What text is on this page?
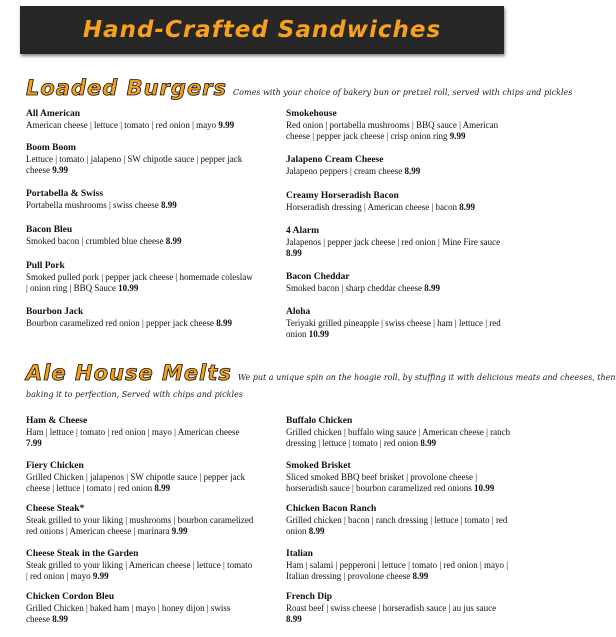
Hand-Crafted Sandwiches
Loaded Burgers Comes with your choice of bakery bun or pretzel roll, served with chips and pickles
All American
American cheese | lettuce | tomato | red onion | mayo 9.99
Boom Boom
Lettuce | tomato | jalapeno | SW chipotle sauce | pepper jack cheese 9.99
Portabella & Swiss
Portabella mushrooms | swiss cheese 8.99
Bacon Bleu
Smoked bacon | crumbled blue cheese 8.99
Pull Pork
Smoked pulled pork | pepper jack cheese | homemade coleslaw | onion ring | BBQ Sauce 10.99
Bourbon Jack
Bourbon caramelized red onion | pepper jack cheese 8.99
Smokehouse
Red onion | portabella mushrooms | BBQ sauce | American cheese | pepper jack cheese | crisp onion ring 9.99
Jalapeno Cream Cheese
Jalapeno peppers | cream cheese 8.99
Creamy Horseradish Bacon
Horseradish dressing | American cheese | bacon 8.99
4 Alarm
Jalapenos | pepper jack cheese | red onion | Mine Fire sauce 8.99
Bacon Cheddar
Smoked bacon | sharp cheddar cheese 8.99
Aloha
Teriyaki grilled pineapple | swiss cheese | ham | lettuce | red onion 10.99
Ale House Melts We put a unique spin on the hoagie roll, by stuffing it with delicious meats and cheeses, then
baking it to perfection, Served with chips and pickles
Ham & Cheese
Ham | lettuce | tomato | red onion | mayo | American cheese 7.99
Fiery Chicken
Grilled Chicken | jalapenos | SW chipotle sauce | pepper jack cheese | lettuce | tomato | red onion 8.99
Cheese Steak*
Steak grilled to your liking | mushrooms | bourbon caramelized red onions | American cheese | marinara 9.99
Cheese Steak in the Garden
Steak grilled to your liking | American cheese | lettuce | tomato | red onion | mayo 9.99
Chicken Cordon Bleu
Grilled Chicken | baked ham | mayo | honey dijon | swiss cheese 8.99
Buffalo Chicken
Grilled chicken | buffalo wing sauce | American cheese | ranch dressing | lettuce | tomato | red onion 8.99
Smoked Brisket
Sliced smoked BBQ beef brisket | provolone cheese | horseradish sauce | bourbon caramelized red onions 10.99
Chicken Bacon Ranch
Grilled chicken | bacon | ranch dressing | lettuce | tomato | red onion 8.99
Italian
Ham | salami | pepperoni | lettuce | tomato | red onion | mayo | Italian dressing | provolone cheese 8.99
French Dip
Roast beef | swiss cheese | horseradish sauce | au jus sauce 8.99
